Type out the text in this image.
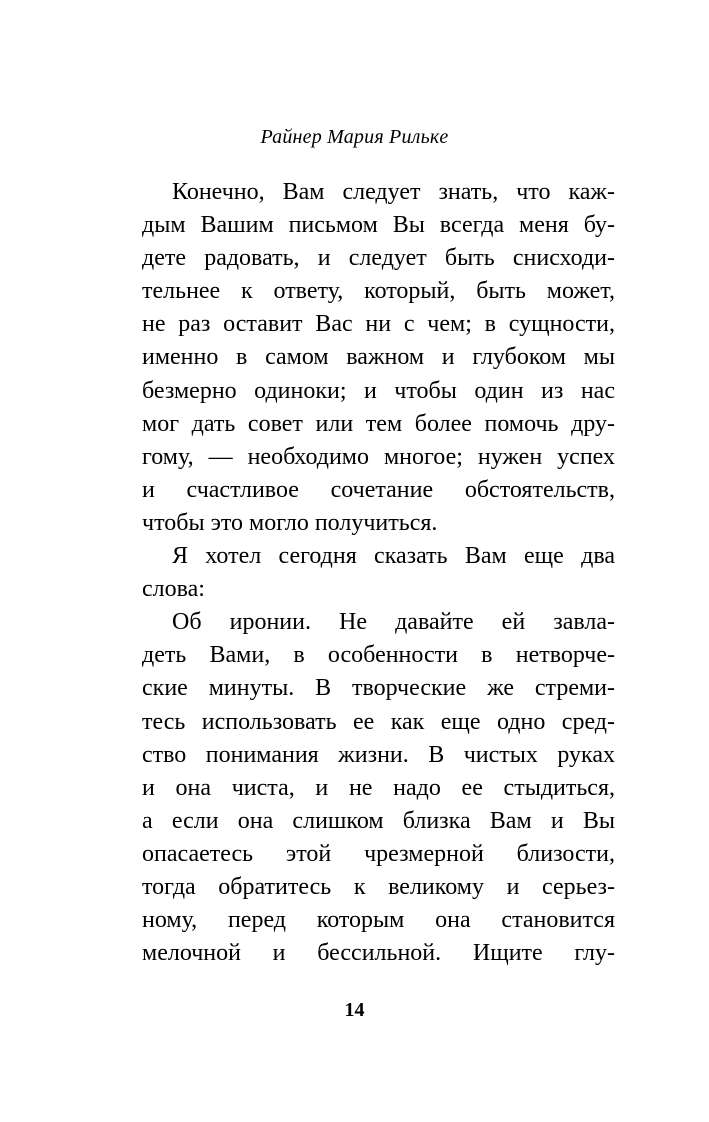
Райнер Мария Рилькe
Конечно, Вам следует знать, что каж-
дым Вашим письмом Вы всегда меня бу-
дете радовать, и следует быть снисходи-
тельнее к ответу, который, быть может,
не раз оставит Вас ни с чем; в сущности,
именно в самом важном и глубоком мы
безмерно одиноки; и чтобы один из нас
мог дать совет или тем более помочь дру-
гому, — необходимо многое; нужен успех
и счастливое сочетание обстоятельств,
чтобы это могло получиться.
Я хотел сегодня сказать Вам еще два
слова:
Об иронии. Не давайте ей завла-
деть Вами, в особенности в нетворче-
ские минуты. В творческие же стреми-
тесь использовать ее как еще одно сред-
ство понимания жизни. В чистых руках
и она чиста, и не надо ее стыдиться,
а если она слишком близка Вам и Вы
опасаетесь этой чрезмерной близости,
тогда обратитесь к великому и серьез-
ному, перед которым она становится
мелочной и бессильной. Ищите глу-
14
